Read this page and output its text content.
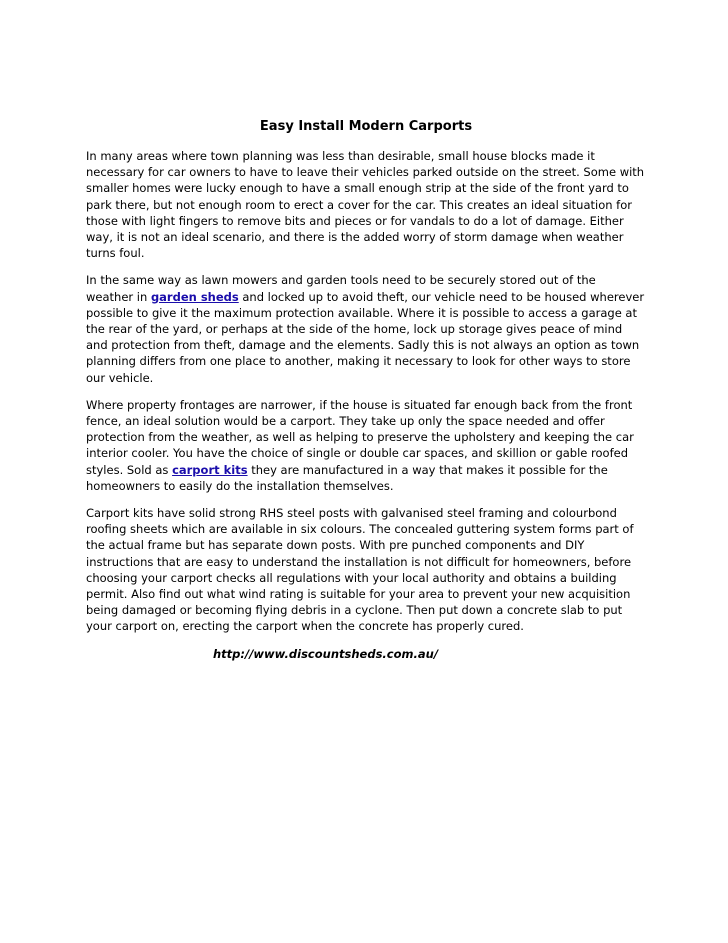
Easy Install Modern Carports

In many areas where town planning was less than desirable, small house blocks made it necessary for car owners to have to leave their vehicles parked outside on the street. Some with smaller homes were lucky enough to have a small enough strip at the side of the front yard to park there, but not enough room to erect a cover for the car. This creates an ideal situation for those with light fingers to remove bits and pieces or for vandals to do a lot of damage. Either way, it is not an ideal scenario, and there is the added worry of storm damage when weather turns foul.

In the same way as lawn mowers and garden tools need to be securely stored out of the weather in garden sheds and locked up to avoid theft, our vehicle need to be housed wherever possible to give it the maximum protection available. Where it is possible to access a garage at the rear of the yard, or perhaps at the side of the home, lock up storage gives peace of mind and protection from theft, damage and the elements. Sadly this is not always an option as town planning differs from one place to another, making it necessary to look for other ways to store our vehicle.

Where property frontages are narrower, if the house is situated far enough back from the front fence, an ideal solution would be a carport. They take up only the space needed and offer protection from the weather, as well as helping to preserve the upholstery and keeping the car interior cooler. You have the choice of single or double car spaces, and skillion or gable roofed styles. Sold as carport kits they are manufactured in a way that makes it possible for the homeowners to easily do the installation themselves.

Carport kits have solid strong RHS steel posts with galvanised steel framing and colourbond roofing sheets which are available in six colours. The concealed guttering system forms part of the actual frame but has separate down posts. With pre punched components and DIY instructions that are easy to understand the installation is not difficult for homeowners, before choosing your carport checks all regulations with your local authority and obtains a building permit. Also find out what wind rating is suitable for your area to prevent your new acquisition being damaged or becoming flying debris in a cyclone. Then put down a concrete slab to put your carport on, erecting the carport when the concrete has properly cured.

http://www.discountsheds.com.au/
